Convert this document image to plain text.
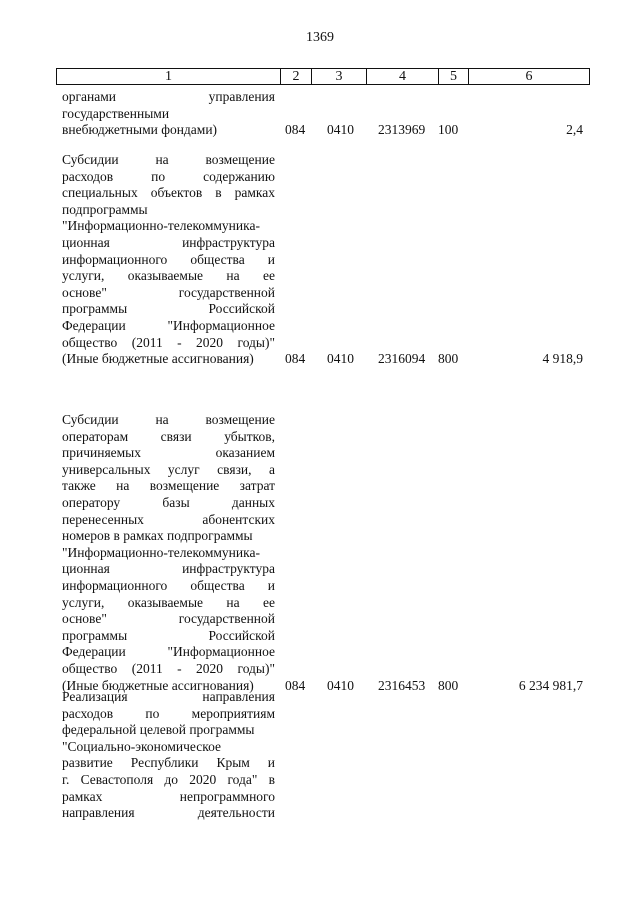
1369
1	2	3	4	5	6
органами управления
государственными
внебюджетными фондами)	084 0410 2313969 100	2,4
Субсидии на возмещение
расходов по содержанию
специальных объектов в рамках
подпрограммы
"Информационно-телекоммуника-
ционная инфраструктура
информационного общества и
услуги, оказываемые на ее
основе" государственной
программы Российской
Федерации "Информационное
общество (2011 - 2020 годы)"
(Иные бюджетные ассигнования)	084 0410 2316094 800	4 918,9
Субсидии на возмещение
операторам связи убытков,
причиняемых оказанием
универсальных услуг связи, а
также на возмещение затрат
оператору базы данных
перенесенных абонентских
номеров в рамках подпрограммы
"Информационно-телекоммуника-
ционная инфраструктура
информационного общества и
услуги, оказываемые на ее
основе" государственной
программы Российской
Федерации "Информационное
общество (2011 - 2020 годы)"
(Иные бюджетные ассигнования)	084 0410 2316453 800	6 234 981,7
Реализация направления
расходов по мероприятиям
федеральной целевой программы
"Социально-экономическое
развитие Республики Крым и
г. Севастополя до 2020 года" в
рамках непрограммного
направления деятельности
